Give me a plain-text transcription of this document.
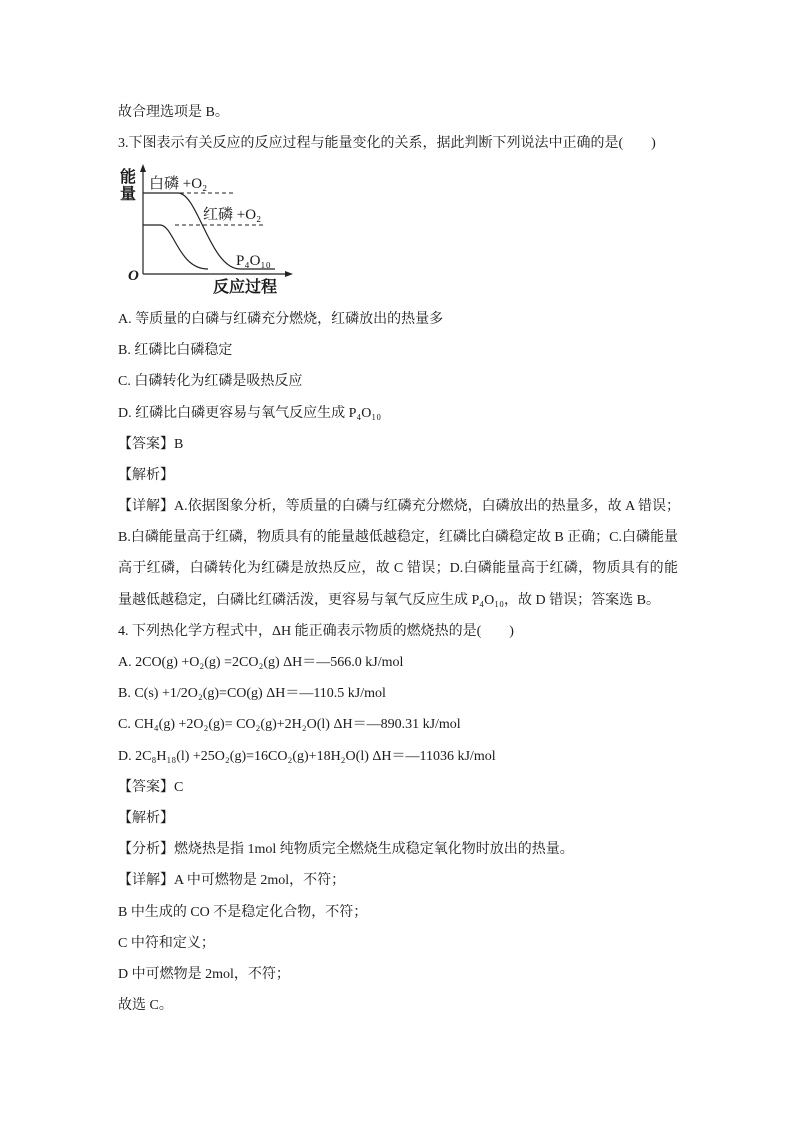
故合理选项是 B。
3.下图表示有关反应的反应过程与能量变化的关系，据此判断下列说法中正确的是(　　)
能
量
白磷 +O₂
红磷 +O₂
P₄O₁₀
O
反应过程
A. 等质量的白磷与红磷充分燃烧，红磷放出的热量多
B. 红磷比白磷稳定
C. 白磷转化为红磷是吸热反应
D. 红磷比白磷更容易与氧气反应生成 P₄O₁₀
【答案】B
【解析】
【详解】A.依据图象分析，等质量的白磷与红磷充分燃烧，白磷放出的热量多，故 A 错误；
B.白磷能量高于红磷，物质具有的能量越低越稳定，红磷比白磷稳定故 B 正确；C.白磷能量
高于红磷，白磷转化为红磷是放热反应，故 C 错误；D.白磷能量高于红磷，物质具有的能
量越低越稳定，白磷比红磷活泼，更容易与氧气反应生成 P₄O₁₀，故 D 错误；答案选 B。
4. 下列热化学方程式中，ΔH 能正确表示物质的燃烧热的是(　　)
A. 2CO(g) +O₂(g) =2CO₂(g) ΔH＝—566.0 kJ/mol
B. C(s) +1/2O₂(g)=CO(g) ΔH＝—110.5 kJ/mol
C. CH₄(g) +2O₂(g)= CO₂(g)+2H₂O(l) ΔH＝—890.31 kJ/mol
D. 2C₈H₁₈(l) +25O₂(g)=16CO₂(g)+18H₂O(l) ΔH＝—11036 kJ/mol
【答案】C
【解析】
【分析】燃烧热是指 1mol 纯物质完全燃烧生成稳定氧化物时放出的热量。
【详解】A 中可燃物是 2mol，不符；
B 中生成的 CO 不是稳定化合物，不符；
C 中符和定义；
D 中可燃物是 2mol，不符；
故选 C。
